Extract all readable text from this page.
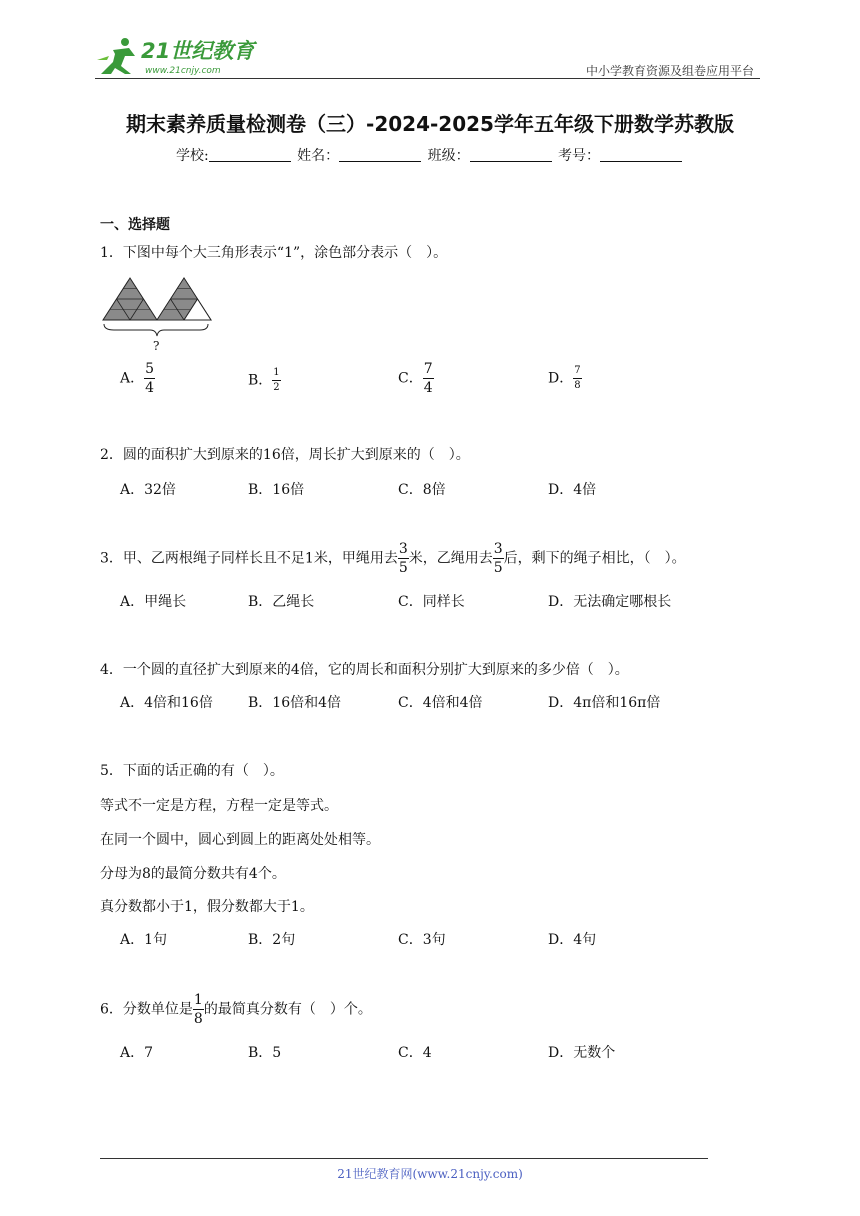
21世纪教育
www.21cnjy.com	中小学教育资源及组卷应用平台
期末素养质量检测卷（三）-2024-2025学年五年级下册数学苏教版
学校:	姓名：	班级：	考号：
一、选择题
1．下图中每个大三角形表示“1”，涂色部分表示（　）。
?
A． $\frac{5}{4}$	B． $\frac{1}{2}$	C． $\frac{7}{4}$	D． $\frac{7}{8}$
2．圆的面积扩大到原来的16倍，周长扩大到原来的（　）。
A．32倍	B．16倍	C．8倍	D．4倍
3．甲、乙两根绳子同样长且不足1米，甲绳用去 $\frac{3}{5}$ 米，乙绳用去 $\frac{3}{5}$ 后，剩下的绳子相比，（　）。
A．甲绳长	B．乙绳长	C．同样长	D．无法确定哪根长
4．一个圆的直径扩大到原来的4倍，它的周长和面积分别扩大到原来的多少倍（　）。
A．4倍和16倍	B．16倍和4倍	C．4倍和4倍	D．4π倍和16π倍
5．下面的话正确的有（　）。
等式不一定是方程，方程一定是等式。
在同一个圆中，圆心到圆上的距离处处相等。
分母为8的最简分数共有4个。
真分数都小于1，假分数都大于1。
A．1句	B．2句	C．3句	D．4句
6．分数单位是 $\frac{1}{8}$ 的最简真分数有（　）个。
A．7	B．5	C．4	D．无数个
21世纪教育网(www.21cnjy.com)
